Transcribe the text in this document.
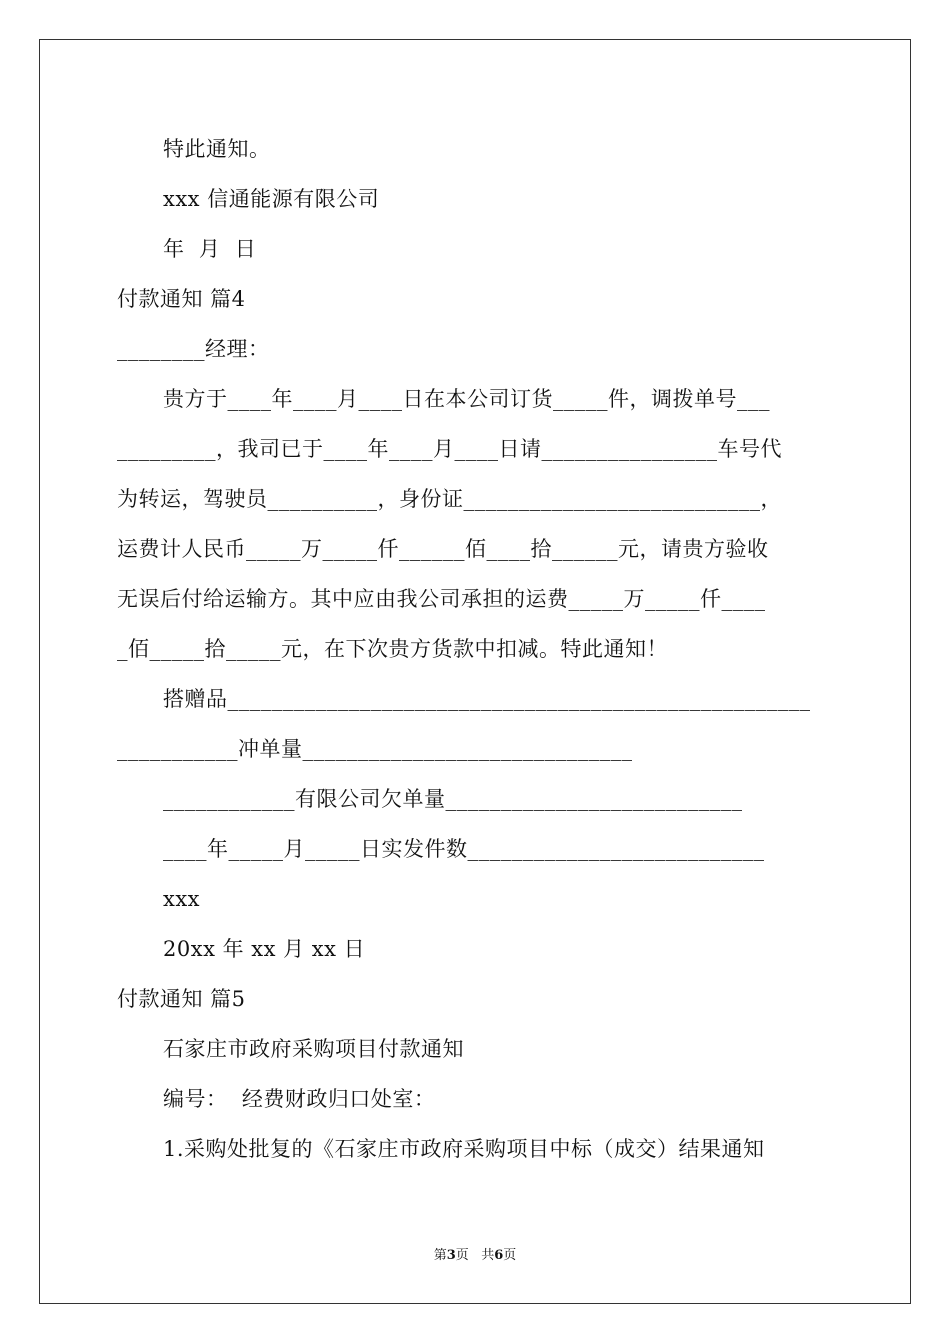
特此通知。
xxx 信通能源有限公司
年  月  日
付款通知 篇4
________经理：
贵方于____年____月____日在本公司订货_____件，调拨单号___
_________，我司已于____年____月____日请________________车号代
为转运，驾驶员__________，身份证___________________________，
运费计人民币_____万_____仟______佰____拾______元，请贵方验收
无误后付给运输方。其中应由我公司承担的运费_____万_____仟____
_佰_____拾_____元，在下次贵方货款中扣减。特此通知！
搭赠品_____________________________________________________
___________冲单量______________________________
____________有限公司欠单量___________________________
____年_____月_____日实发件数___________________________
xxx
20xx 年 xx 月 xx 日
付款通知 篇5
石家庄市政府采购项目付款通知
编号：  经费财政归口处室：
1.采购处批复的《石家庄市政府采购项目中标（成交）结果通知
第3页   共6页
